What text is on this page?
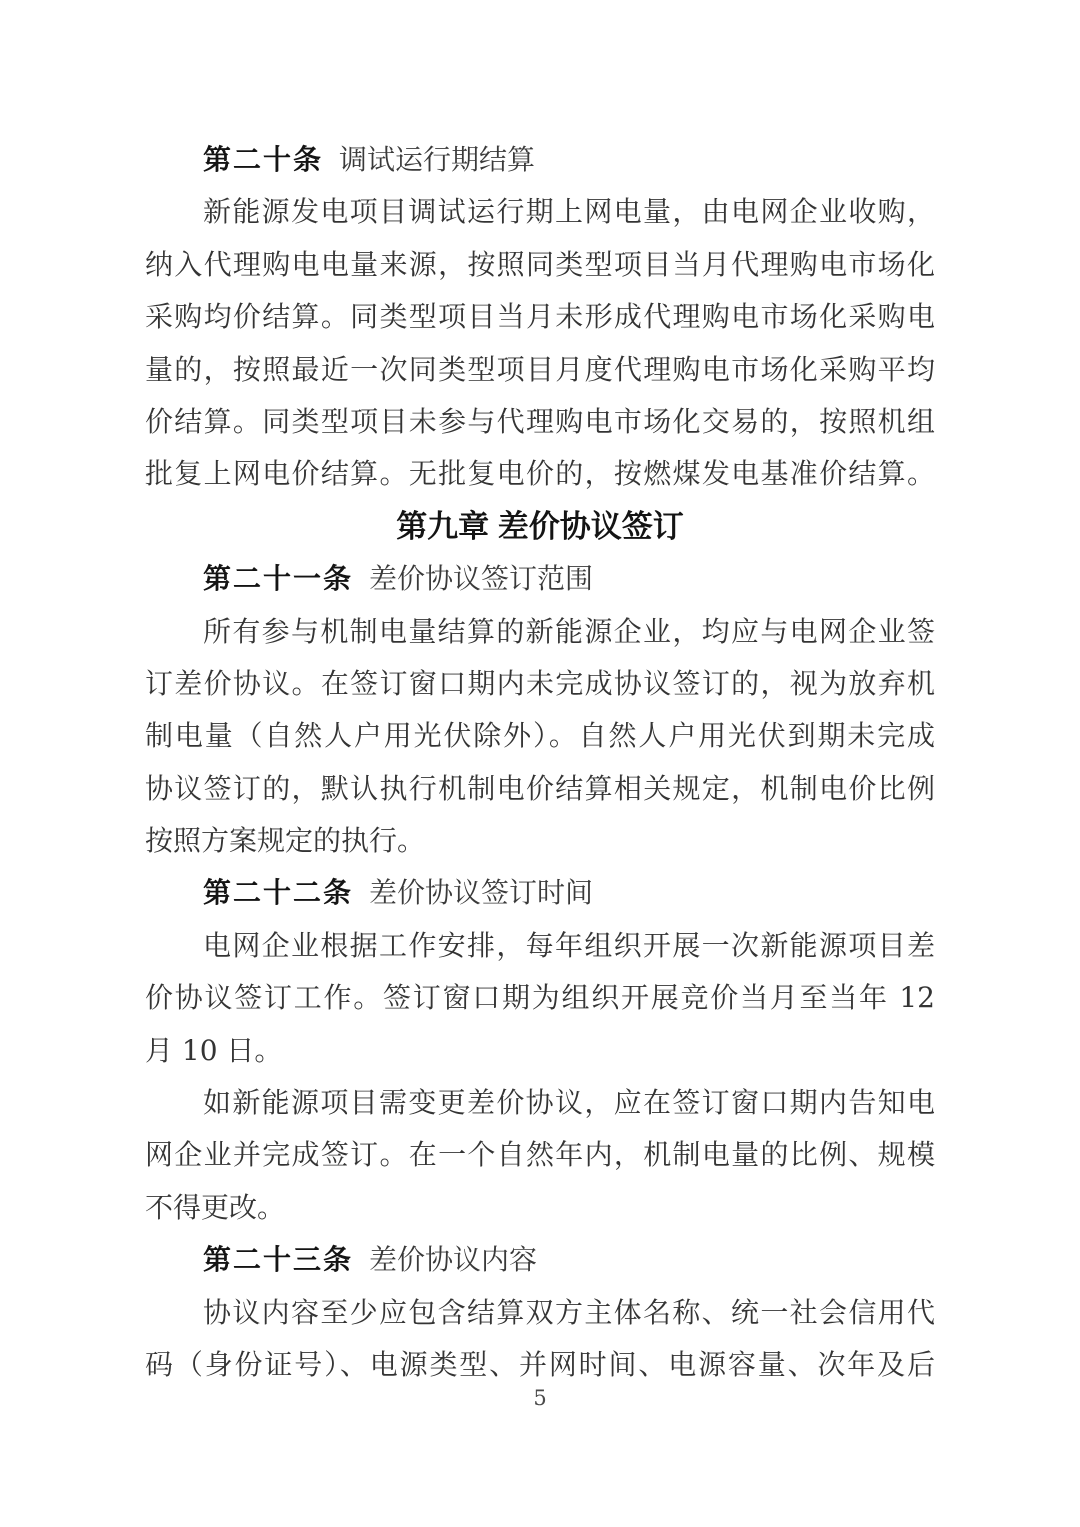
第二十条 调试运行期结算
新能源发电项目调试运行期上网电量，由电网企业收购，
纳入代理购电电量来源，按照同类型项目当月代理购电市场化
采购均价结算。同类型项目当月未形成代理购电市场化采购电
量的，按照最近一次同类型项目月度代理购电市场化采购平均
价结算。同类型项目未参与代理购电市场化交易的，按照机组
批复上网电价结算。无批复电价的，按燃煤发电基准价结算。
第九章 差价协议签订
第二十一条 差价协议签订范围
所有参与机制电量结算的新能源企业，均应与电网企业签
订差价协议。在签订窗口期内未完成协议签订的，视为放弃机
制电量（自然人户用光伏除外）。自然人户用光伏到期未完成
协议签订的，默认执行机制电价结算相关规定，机制电价比例
按照方案规定的执行。
第二十二条 差价协议签订时间
电网企业根据工作安排，每年组织开展一次新能源项目差
价协议签订工作。签订窗口期为组织开展竞价当月至当年 12
月 10 日。
如新能源项目需变更差价协议，应在签订窗口期内告知电
网企业并完成签订。在一个自然年内，机制电量的比例、规模
不得更改。
第二十三条 差价协议内容
协议内容至少应包含结算双方主体名称、统一社会信用代
码（身份证号）、电源类型、并网时间、电源容量、次年及后
5
